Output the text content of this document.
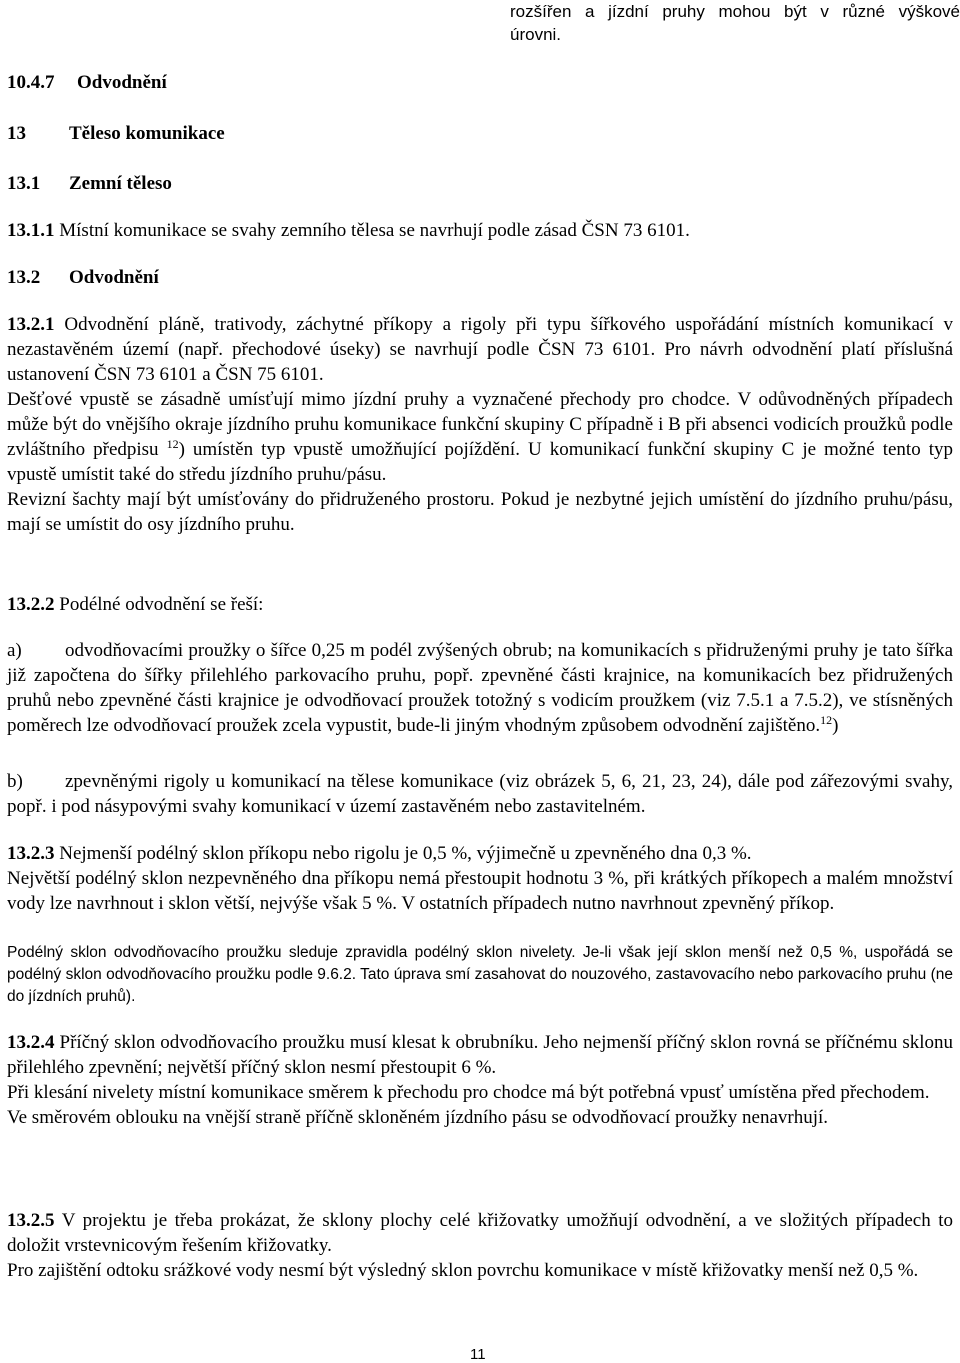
rozšířen a jízdní pruhy mohou být v různé výškové
úrovni.
10.4.7 Odvodnění
13 Těleso komunikace
13.1 Zemní těleso
13.1.1 Místní komunikace se svahy zemního tělesa se navrhují podle zásad ČSN 73 6101.
13.2 Odvodnění

13.2.1 Odvodnění pláně, trativody, záchytné příkopy a rigoly při typu šířkového uspořádání místních komunikací v nezastavěném území (např. přechodové úseky) se navrhují podle ČSN 73 6101. Pro návrh odvodnění platí příslušná ustanovení ČSN 73 6101 a ČSN 75 6101.

Dešťové vpustě se zásadně umísťují mimo jízdní pruhy a vyznačené přechody pro chodce. V odůvodněných případech může být do vnějšího okraje jízdního pruhu komunikace funkční skupiny C případně i B při absenci vodicích proužků podle zvláštního předpisu $^{12}$) umístěn typ vpustě umožňující pojíždění. U komunikací funkční skupiny C je možné tento typ vpustě umístit také do středu jízdního pruhu/pásu.

Revizní šachty mají být umísťovány do přidruženého prostoru. Pokud je nezbytné jejich umístění do jízdního pruhu/pásu, mají se umístit do osy jízdního pruhu.

13.2.2 Podélné odvodnění se řeší:
a) odvodňovacími proužky o šířce 0,25 m podél zvýšených obrub; na komunikacích s přidruženými pruhy je tato šířka již započtena do šířky přilehlého parkovacího pruhu, popř. zpevněné části krajnice, na komunikacích bez přidružených pruhů nebo zpevněné části krajnice je odvodňovací proužek totožný s vodicím proužkem (viz 7.5.1 a 7.5.2), ve stísněných poměrech lze odvodňovací proužek zcela vypustit, bude-li jiným vhodným způsobem odvodnění zajištěno.$^{12}$)
b) zpevněnými rigoly u komunikací na tělese komunikace (viz obrázek 5, 6, 21, 23, 24), dále pod zářezovými svahy, popř. i pod násypovými svahy komunikací v území zastavěném nebo zastavitelném.

13.2.3 Nejmenší podélný sklon příkopu nebo rigolu je 0,5 %, výjimečně u zpevněného dna 0,3 %.

Největší podélný sklon nezpevněného dna příkopu nemá přestoupit hodnotu 3 %, při krátkých příkopech a malém množství vody lze navrhnout i sklon větší, nejvýše však 5 %. V ostatních případech nutno navrhnout zpevněný příkop.

Podélný sklon odvodňovacího proužku sleduje zpravidla podélný sklon nivelety. Je-li však její sklon menší než 0,5 %, uspořádá se podélný sklon odvodňovacího proužku podle 9.6.2. Tato úprava smí zasahovat do nouzového, zastavovacího nebo parkovacího pruhu (ne do jízdních pruhů).

13.2.4 Příčný sklon odvodňovacího proužku musí klesat k obrubníku. Jeho nejmenší příčný sklon rovná se příčnému sklonu přilehlého zpevnění; největší příčný sklon nesmí přestoupit 6 %.

Při klesání nivelety místní komunikace směrem k přechodu pro chodce má být potřebná vpusť umístěna před přechodem.

Ve směrovém oblouku na vnější straně příčně skloněném jízdního pásu se odvodňovací proužky nenavrhují.

13.2.5 V projektu je třeba prokázat, že sklony plochy celé křižovatky umožňují odvodnění, a ve složitých případech to doložit vrstevnicovým řešením křižovatky.

Pro zajištění odtoku srážkové vody nesmí být výsledný sklon povrchu komunikace v místě křižovatky menší než 0,5 %.

11
